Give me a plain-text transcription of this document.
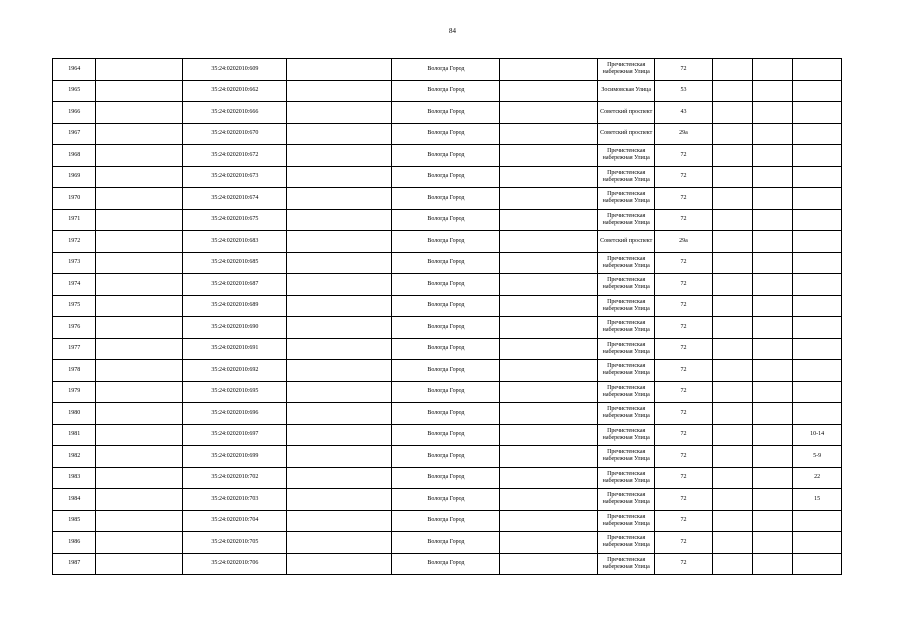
84
1964		35:24:0202010:609		Вологда Город		Пречистенская набережная Улица	72			
1965		35:24:0202010:662		Вологда Город		Зосимовская Улица	53			
1966		35:24:0202010:666		Вологда Город		Советский проспект	43			
1967		35:24:0202010:670		Вологда Город		Советский проспект	29а			
1968		35:24:0202010:672		Вологда Город		Пречистенская набережная Улица	72			
1969		35:24:0202010:673		Вологда Город		Пречистенская набережная Улица	72			
1970		35:24:0202010:674		Вологда Город		Пречистенская набережная Улица	72			
1971		35:24:0202010:675		Вологда Город		Пречистенская набережная Улица	72			
1972		35:24:0202010:683		Вологда Город		Советский проспект	29а			
1973		35:24:0202010:685		Вологда Город		Пречистенская набережная Улица	72			
1974		35:24:0202010:687		Вологда Город		Пречистенская набережная Улица	72			
1975		35:24:0202010:689		Вологда Город		Пречистенская набережная Улица	72			
1976		35:24:0202010:690		Вологда Город		Пречистенская набережная Улица	72			
1977		35:24:0202010:691		Вологда Город		Пречистенская набережная Улица	72			
1978		35:24:0202010:692		Вологда Город		Пречистенская набережная Улица	72			
1979		35:24:0202010:695		Вологда Город		Пречистенская набережная Улица	72			
1980		35:24:0202010:696		Вологда Город		Пречистенская набережная Улица	72			
1981		35:24:0202010:697		Вологда Город		Пречистенская набережная Улица	72			10-14
1982		35:24:0202010:699		Вологда Город		Пречистенская набережная Улица	72			5-9
1983		35:24:0202010:702		Вологда Город		Пречистенская набережная Улица	72			22
1984		35:24:0202010:703		Вологда Город		Пречистенская набережная Улица	72			15
1985		35:24:0202010:704		Вологда Город		Пречистенская набережная Улица	72			
1986		35:24:0202010:705		Вологда Город		Пречистенская набережная Улица	72			
1987		35:24:0202010:706		Вологда Город		Пречистенская набережная Улица	72			
